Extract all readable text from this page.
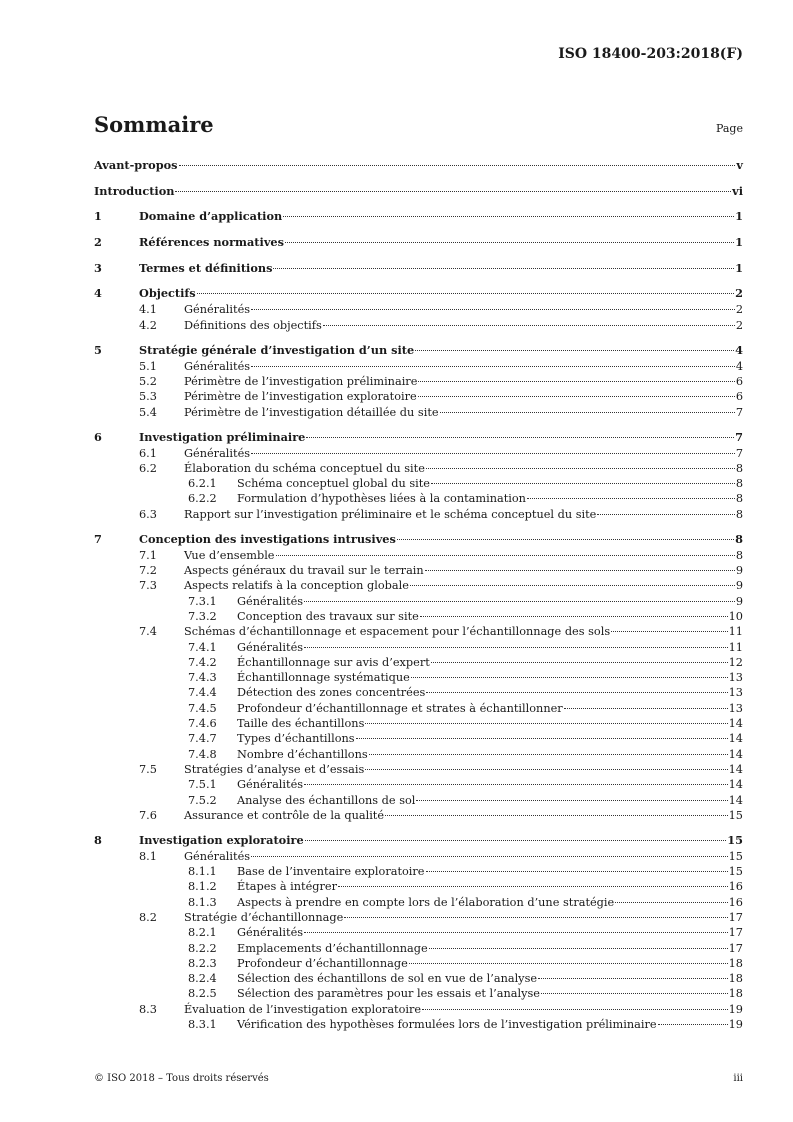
ISO 18400-203:2018(F)
Sommaire	Page
Avant-propos	v
Introduction	vi
1	Domaine d’application	1
2	Références normatives	1
3	Termes et définitions	1
4	Objectifs	2
4.1	Généralités	2
4.2	Définitions des objectifs	2
5	Stratégie générale d’investigation d’un site	4
5.1	Généralités	4
5.2	Périmètre de l’investigation préliminaire	6
5.3	Périmètre de l’investigation exploratoire	6
5.4	Périmètre de l’investigation détaillée du site	7
6	Investigation préliminaire	7
6.1	Généralités	7
6.2	Élaboration du schéma conceptuel du site	8
6.2.1	Schéma conceptuel global du site	8
6.2.2	Formulation d’hypothèses liées à la contamination	8
6.3	Rapport sur l’investigation préliminaire et le schéma conceptuel du site	8
7	Conception des investigations intrusives	8
7.1	Vue d’ensemble	8
7.2	Aspects généraux du travail sur le terrain	9
7.3	Aspects relatifs à la conception globale	9
7.3.1	Généralités	9
7.3.2	Conception des travaux sur site	10
7.4	Schémas d’échantillonnage et espacement pour l’échantillonnage des sols	11
7.4.1	Généralités	11
7.4.2	Échantillonnage sur avis d’expert	12
7.4.3	Échantillonnage systématique	13
7.4.4	Détection des zones concentrées	13
7.4.5	Profondeur d’échantillonnage et strates à échantillonner	13
7.4.6	Taille des échantillons	14
7.4.7	Types d’échantillons	14
7.4.8	Nombre d’échantillons	14
7.5	Stratégies d’analyse et d’essais	14
7.5.1	Généralités	14
7.5.2	Analyse des échantillons de sol	14
7.6	Assurance et contrôle de la qualité	15
8	Investigation exploratoire	15
8.1	Généralités	15
8.1.1	Base de l’inventaire exploratoire	15
8.1.2	Étapes à intégrer	16
8.1.3	Aspects à prendre en compte lors de l’élaboration d’une stratégie	16
8.2	Stratégie d’échantillonnage	17
8.2.1	Généralités	17
8.2.2	Emplacements d’échantillonnage	17
8.2.3	Profondeur d’échantillonnage	18
8.2.4	Sélection des échantillons de sol en vue de l’analyse	18
8.2.5	Sélection des paramètres pour les essais et l’analyse	18
8.3	Évaluation de l’investigation exploratoire	19
8.3.1	Vérification des hypothèses formulées lors de l’investigation préliminaire	19
© ISO 2018 – Tous droits réservés	iii
